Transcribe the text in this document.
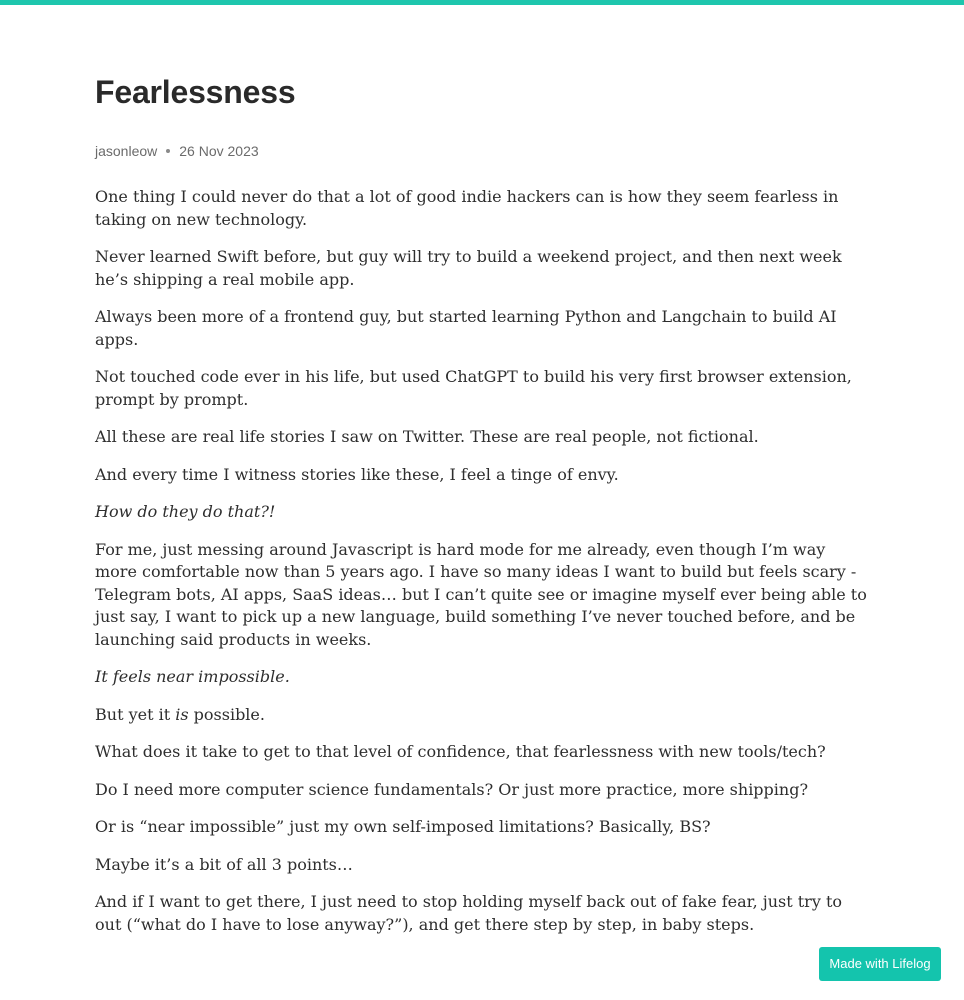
Fearlessness
jasonleow 26 Nov 2023

One thing I could never do that a lot of good indie hackers can is how they seem fearless in taking on new technology.

Never learned Swift before, but guy will try to build a weekend project, and then next week he’s shipping a real mobile app.

Always been more of a frontend guy, but started learning Python and Langchain to build AI apps.

Not touched code ever in his life, but used ChatGPT to build his very first browser extension, prompt by prompt.

All these are real life stories I saw on Twitter. These are real people, not fictional.

And every time I witness stories like these, I feel a tinge of envy.

How do they do that?!

For me, just messing around Javascript is hard mode for me already, even though I’m way more comfortable now than 5 years ago. I have so many ideas I want to build but feels scary - Telegram bots, AI apps, SaaS ideas… but I can’t quite see or imagine myself ever being able to just say, I want to pick up a new language, build something I’ve never touched before, and be launching said products in weeks.

It feels near impossible.

But yet it is possible.

What does it take to get to that level of confidence, that fearlessness with new tools/tech?

Do I need more computer science fundamentals? Or just more practice, more shipping?

Or is “near impossible” just my own self-imposed limitations? Basically, BS?

Maybe it’s a bit of all 3 points…

And if I want to get there, I just need to stop holding myself back out of fake fear, just try to out (“what do I have to lose anyway?”), and get there step by step, in baby steps.

Made with Lifelog
